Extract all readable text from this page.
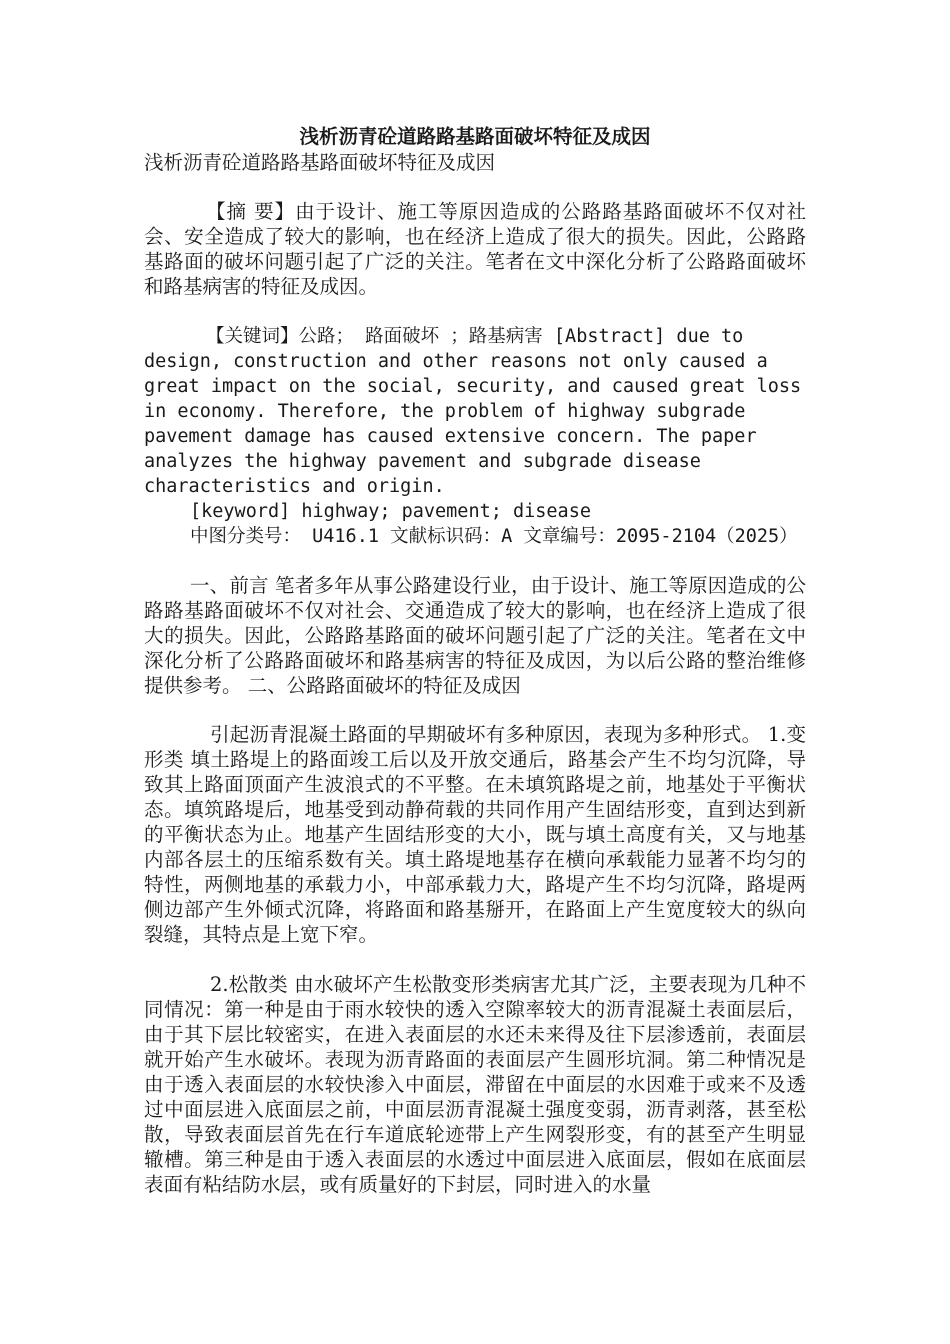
浅析沥青砼道路路基路面破坏特征及成因

浅析沥青砼道路路基路面破坏特征及成因

【摘 要】由于设计、施工等原因造成的公路路基路面破坏不仅对社会、安全造成了较大的影响，也在经济上造成了很大的损失。因此，公路路基路面的破坏问题引起了广泛的关注。笔者在文中深化分析了公路路面破坏和路基病害的特征及成因。

【关键词】公路； 路面破坏 ；路基病害 [Abstract] due to design, construction and other reasons not only caused a great impact on the social, security, and caused great loss in economy. Therefore, the problem of highway subgrade pavement damage has caused extensive concern. The paper analyzes the highway pavement and subgrade disease characteristics and origin.

[keyword] highway; pavement; disease

中图分类号： U416.1 文献标识码：A 文章编号：2095-2104（2025）

一、前言 笔者多年从事公路建设行业，由于设计、施工等原因造成的公路路基路面破坏不仅对社会、交通造成了较大的影响，也在经济上造成了很大的损失。因此，公路路基路面的破坏问题引起了广泛的关注。笔者在文中深化分析了公路路面破坏和路基病害的特征及成因，为以后公路的整治维修提供参考。 二、公路路面破坏的特征及成因

引起沥青混凝土路面的早期破坏有多种原因，表现为多种形式。 1.变形类 填土路堤上的路面竣工后以及开放交通后，路基会产生不均匀沉降，导致其上路面顶面产生波浪式的不平整。在未填筑路堤之前，地基处于平衡状态。填筑路堤后，地基受到动静荷载的共同作用产生固结形变，直到达到新的平衡状态为止。地基产生固结形变的大小，既与填土高度有关，又与地基内部各层土的压缩系数有关。填土路堤地基存在横向承载能力显著不均匀的特性，两侧地基的承载力小，中部承载力大，路堤产生不均匀沉降，路堤两侧边部产生外倾式沉降，将路面和路基掰开，在路面上产生宽度较大的纵向裂缝，其特点是上宽下窄。

2.松散类 由水破坏产生松散变形类病害尤其广泛，主要表现为几种不同情况：第一种是由于雨水较快的透入空隙率较大的沥青混凝土表面层后，由于其下层比较密实，在进入表面层的水还未来得及往下层渗透前，表面层就开始产生水破坏。表现为沥青路面的表面层产生圆形坑洞。第二种情况是由于透入表面层的水较快渗入中面层，滞留在中面层的水因难于或来不及透过中面层进入底面层之前，中面层沥青混凝土强度变弱，沥青剥落，甚至松散，导致表面层首先在行车道底轮迹带上产生网裂形变，有的甚至产生明显辙槽。第三种是由于透入表面层的水透过中面层进入底面层，假如在底面层表面有粘结防水层，或有质量好的下封层，同时进入的水量
